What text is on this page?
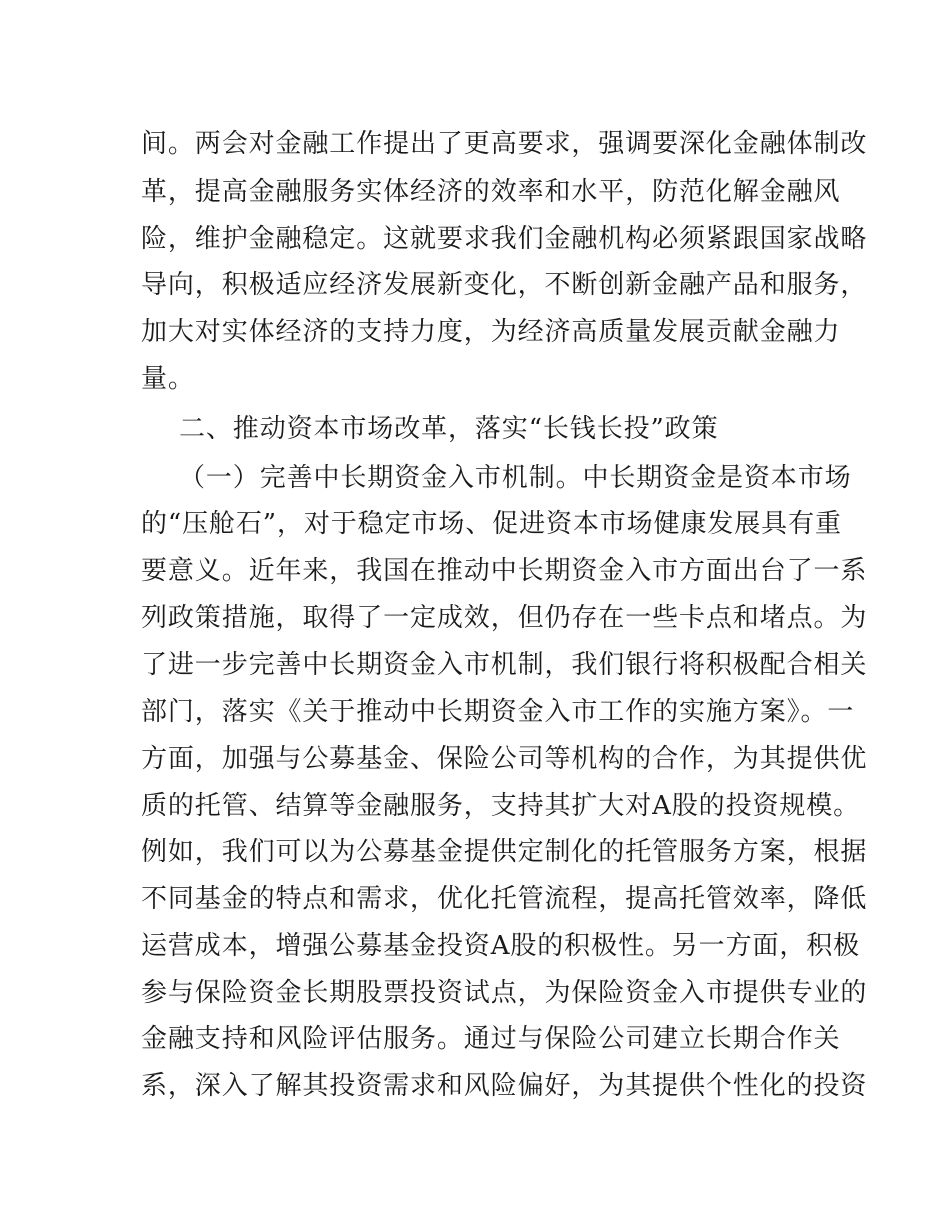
间。两会对金融工作提出了更高要求，强调要深化金融体制改
革，提高金融服务实体经济的效率和水平，防范化解金融风
险，维护金融稳定。这就要求我们金融机构必须紧跟国家战略
导向，积极适应经济发展新变化，不断创新金融产品和服务，
加大对实体经济的支持力度，为经济高质量发展贡献金融力
量。
二、推动资本市场改革，落实“长钱长投”政策
（一）完善中长期资金入市机制。中长期资金是资本市场
的“压舱石”，对于稳定市场、促进资本市场健康发展具有重
要意义。近年来，我国在推动中长期资金入市方面出台了一系
列政策措施，取得了一定成效，但仍存在一些卡点和堵点。为
了进一步完善中长期资金入市机制，我们银行将积极配合相关
部门，落实《关于推动中长期资金入市工作的实施方案》。一
方面，加强与公募基金、保险公司等机构的合作，为其提供优
质的托管、结算等金融服务，支持其扩大对A股的投资规模。
例如，我们可以为公募基金提供定制化的托管服务方案，根据
不同基金的特点和需求，优化托管流程，提高托管效率，降低
运营成本，增强公募基金投资A股的积极性。另一方面，积极
参与保险资金长期股票投资试点，为保险资金入市提供专业的
金融支持和风险评估服务。通过与保险公司建立长期合作关
系，深入了解其投资需求和风险偏好，为其提供个性化的投资
